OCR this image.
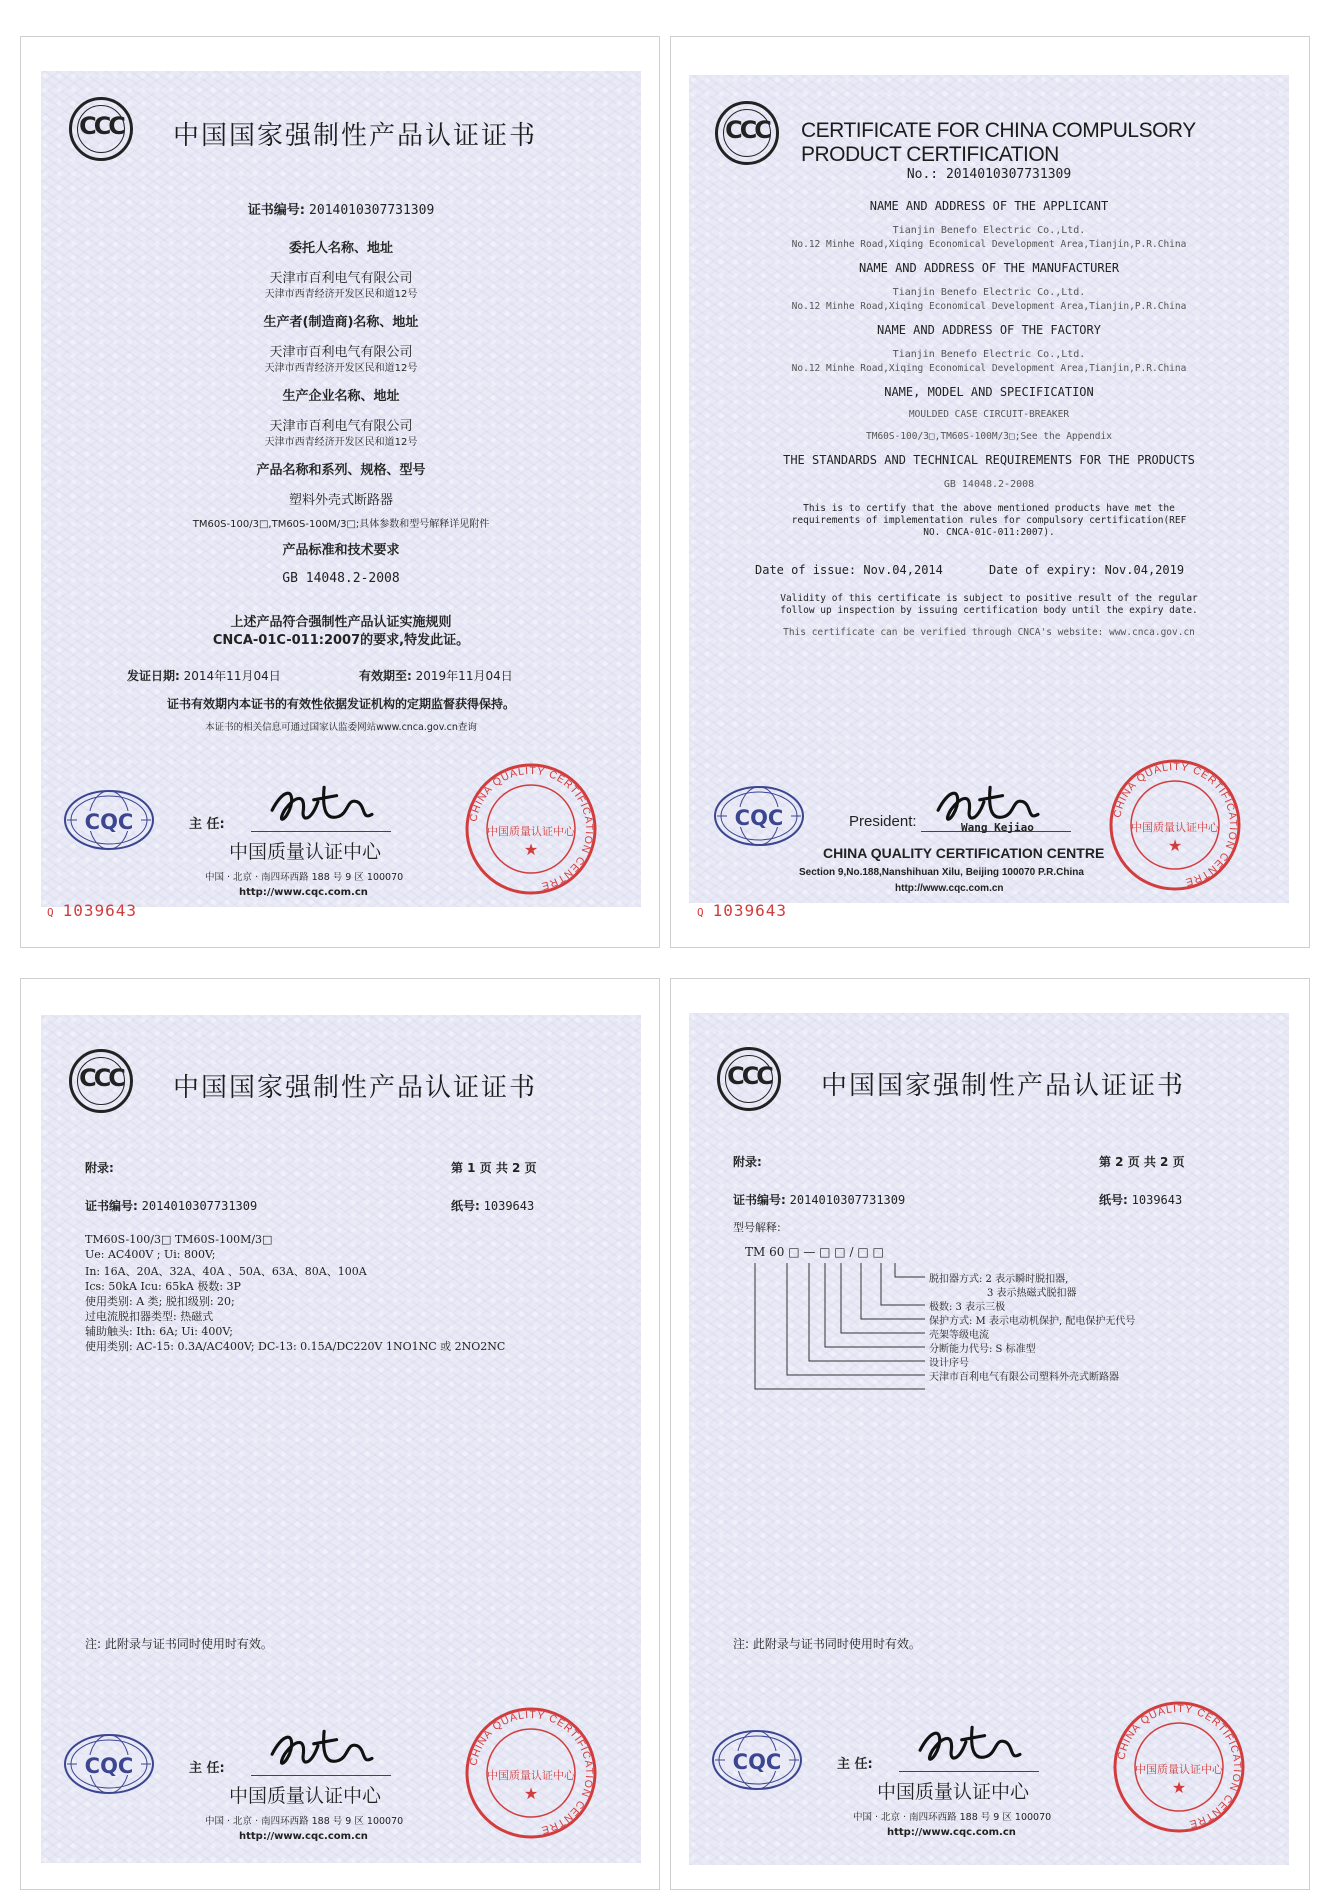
CCC 中国国家强制性产品认证证书
证书编号: 2014010307731309
委托人名称、地址
天津市百利电气有限公司
天津市西青经济开发区民和道12号
生产者(制造商)名称、地址
天津市百利电气有限公司
天津市西青经济开发区民和道12号
生产企业名称、地址
天津市百利电气有限公司
天津市西青经济开发区民和道12号
产品名称和系列、规格、型号
塑料外壳式断路器
TM60S-100/3□,TM60S-100M/3□;具体参数和型号解释详见附件
产品标准和技术要求
GB 14048.2-2008
上述产品符合强制性产品认证实施规则
CNCA-01C-011:2007的要求,特发此证。
发证日期: 2014年11月04日	有效期至: 2019年11月04日
证书有效期内本证书的有效性依据发证机构的定期监督获得保持。
本证书的相关信息可通过国家认监委网站www.cnca.gov.cn查询
CQC	主 任:
中国质量认证中心
中国 · 北京 · 南四环西路 188 号 9 区 100070
http://www.cqc.com.cn
CHINA QUALITY CERTIFICATION CENTRE
中国质量认证中心
★
Q 1039643
CCC	CERTIFICATE FOR CHINA COMPULSORY PRODUCT CERTIFICATION
No.: 2014010307731309
NAME AND ADDRESS OF THE APPLICANT
Tianjin Benefo Electric Co.,Ltd.
No.12 Minhe Road,Xiqing Economical Development Area,Tianjin,P.R.China
NAME AND ADDRESS OF THE MANUFACTURER
Tianjin Benefo Electric Co.,Ltd.
No.12 Minhe Road,Xiqing Economical Development Area,Tianjin,P.R.China
NAME AND ADDRESS OF THE FACTORY
Tianjin Benefo Electric Co.,Ltd.
No.12 Minhe Road,Xiqing Economical Development Area,Tianjin,P.R.China
NAME, MODEL AND SPECIFICATION
MOULDED CASE CIRCUIT-BREAKER
TM60S-100/3□,TM60S-100M/3□;See the Appendix
THE STANDARDS AND TECHNICAL REQUIREMENTS FOR THE PRODUCTS
GB 14048.2-2008
This is to certify that the above mentioned products have met the
requirements of implementation rules for compulsory certification(REF
NO. CNCA-01C-011:2007).
Date of issue: Nov.04,2014	Date of expiry: Nov.04,2019
Validity of this certificate is subject to positive result of the regular
follow up inspection by issuing certification body until the expiry date.
This certificate can be verified through CNCA's website: www.cnca.gov.cn
CQC	President:	Wang Kejiao
CHINA QUALITY CERTIFICATION CENTRE
Section 9,No.188,Nanshihuan Xilu, Beijing 100070 P.R.China
http://www.cqc.com.cn
CHINA QUALITY CERTIFICATION CENTRE
中国质量认证中心
★
Q 1039643
CCC 中国国家强制性产品认证证书
附录:	第 1 页 共 2 页
证书编号: 2014010307731309	纸号: 1039643
TM60S-100/3□ TM60S-100M/3□
Ue: AC400V ; Ui: 800V;
In: 16A、20A、32A、40A 、50A、63A、80A、100A
Ics: 50kA Icu: 65kA 极数: 3P
使用类别: A 类; 脱扣级别: 20;
过电流脱扣器类型: 热磁式
辅助触头: Ith: 6A; Ui: 400V;
使用类别: AC-15: 0.3A/AC400V; DC-13: 0.15A/DC220V 1NO1NC 或 2NO2NC
注: 此附录与证书同时使用时有效。
CQC	主 任:
中国质量认证中心
中国 · 北京 · 南四环西路 188 号 9 区 100070
http://www.cqc.com.cn
CHINA QUALITY CERTIFICATION CENTRE
中国质量认证中心
★
CCC 中国国家强制性产品认证证书
附录:	第 2 页 共 2 页
证书编号: 2014010307731309	纸号: 1039643
型号解释:
TM 60 □ — □ □ / □ □
脱扣器方式: 2 表示瞬时脱扣器,
3 表示热磁式脱扣器
极数: 3 表示三极
保护方式: M 表示电动机保护, 配电保护无代号
壳架等级电流
分断能力代号: S 标准型
设计序号
天津市百利电气有限公司塑料外壳式断路器
注: 此附录与证书同时使用时有效。
CQC	主 任:
中国质量认证中心
中国 · 北京 · 南四环西路 188 号 9 区 100070
http://www.cqc.com.cn
CHINA QUALITY CERTIFICATION CENTRE
中国质量认证中心
★
